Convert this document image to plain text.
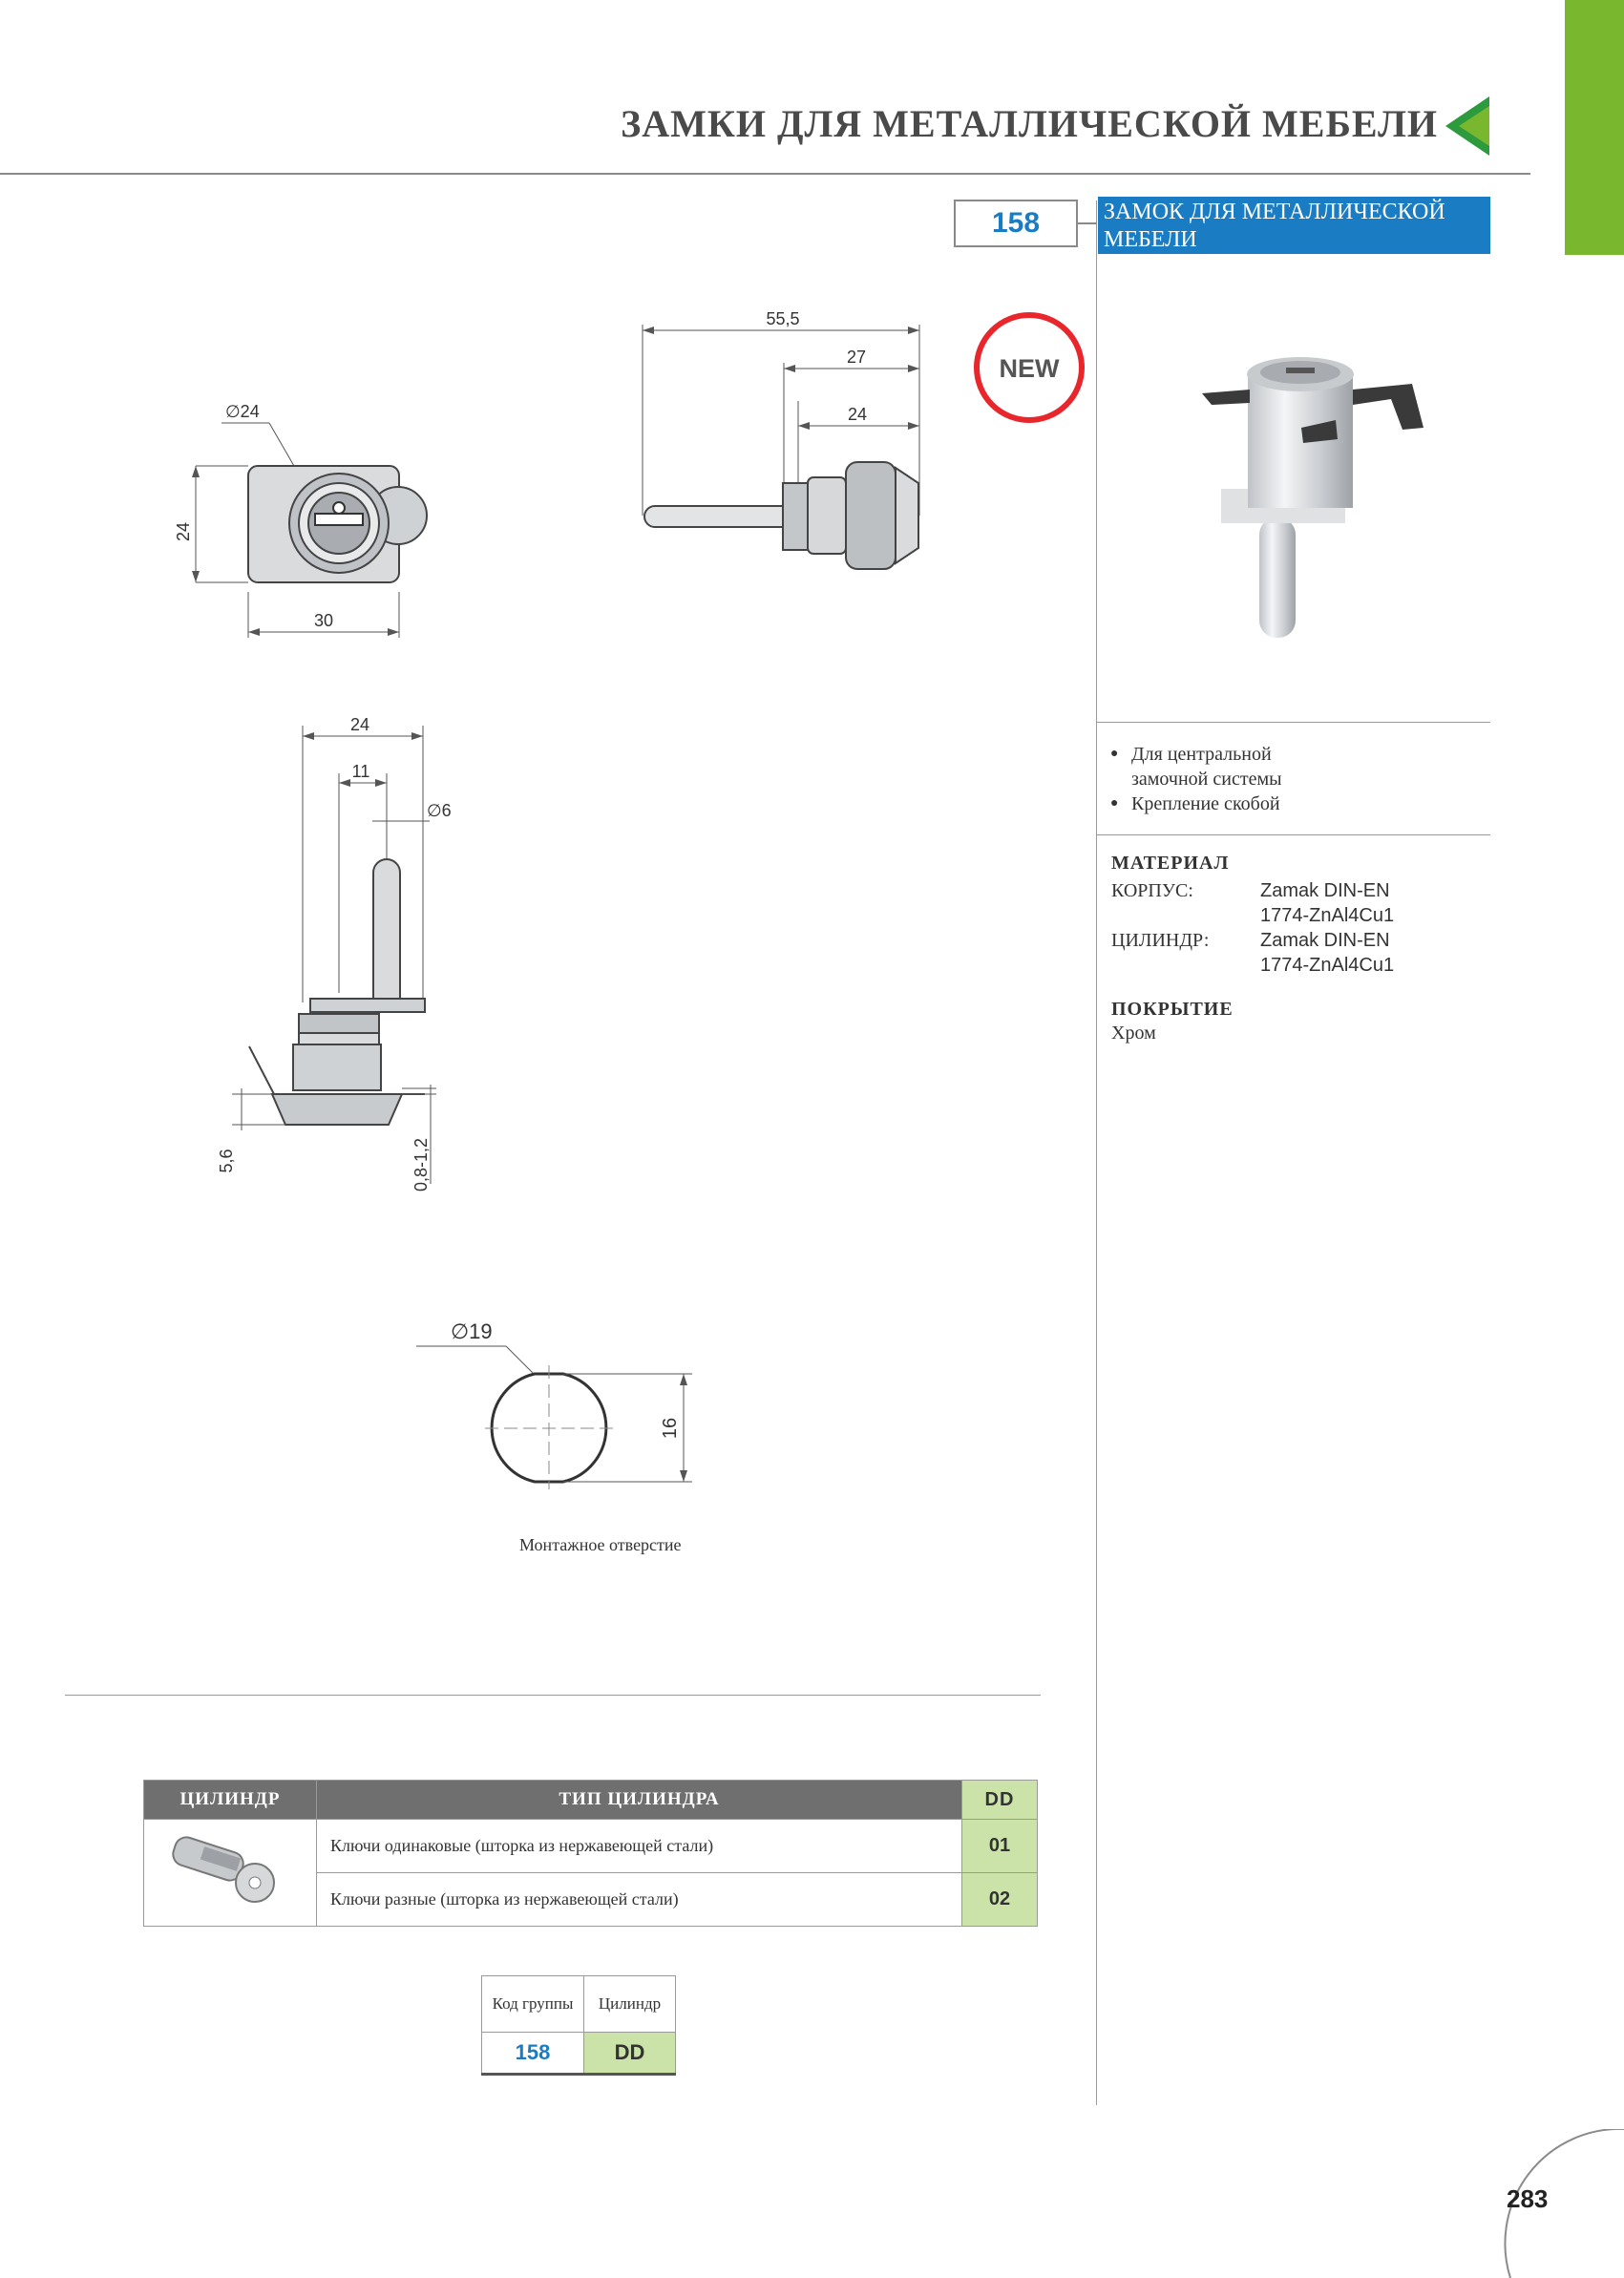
ЗАМКИ ДЛЯ МЕТАЛЛИЧЕСКОЙ МЕБЕЛИ
158	ЗАМОК ДЛЯ МЕТАЛЛИЧЕСКОЙ МЕБЕЛИ
NEW
● Для центральной замочной системы
● Крепление скобой
МАТЕРИАЛ
КОРПУС:	Zamak DIN-EN
1774-ZnAl4Cu1
ЦИЛИНДР:	Zamak DIN-EN
1774-ZnAl4Cu1
ПОКРЫТИЕ
Хром
24
30
∅24
55,5
27
24
24
11
∅6
5,6	0,8-1,2
∅19
16
Монтажное отверстие
ЦИЛИНДР	ТИП ЦИЛИНДРА	DD
	Ключи одинаковые (шторка из нержавеющей стали)	01
	Ключи разные (шторка из нержавеющей стали)	02
Код группы	Цилиндр
158	DD
283
